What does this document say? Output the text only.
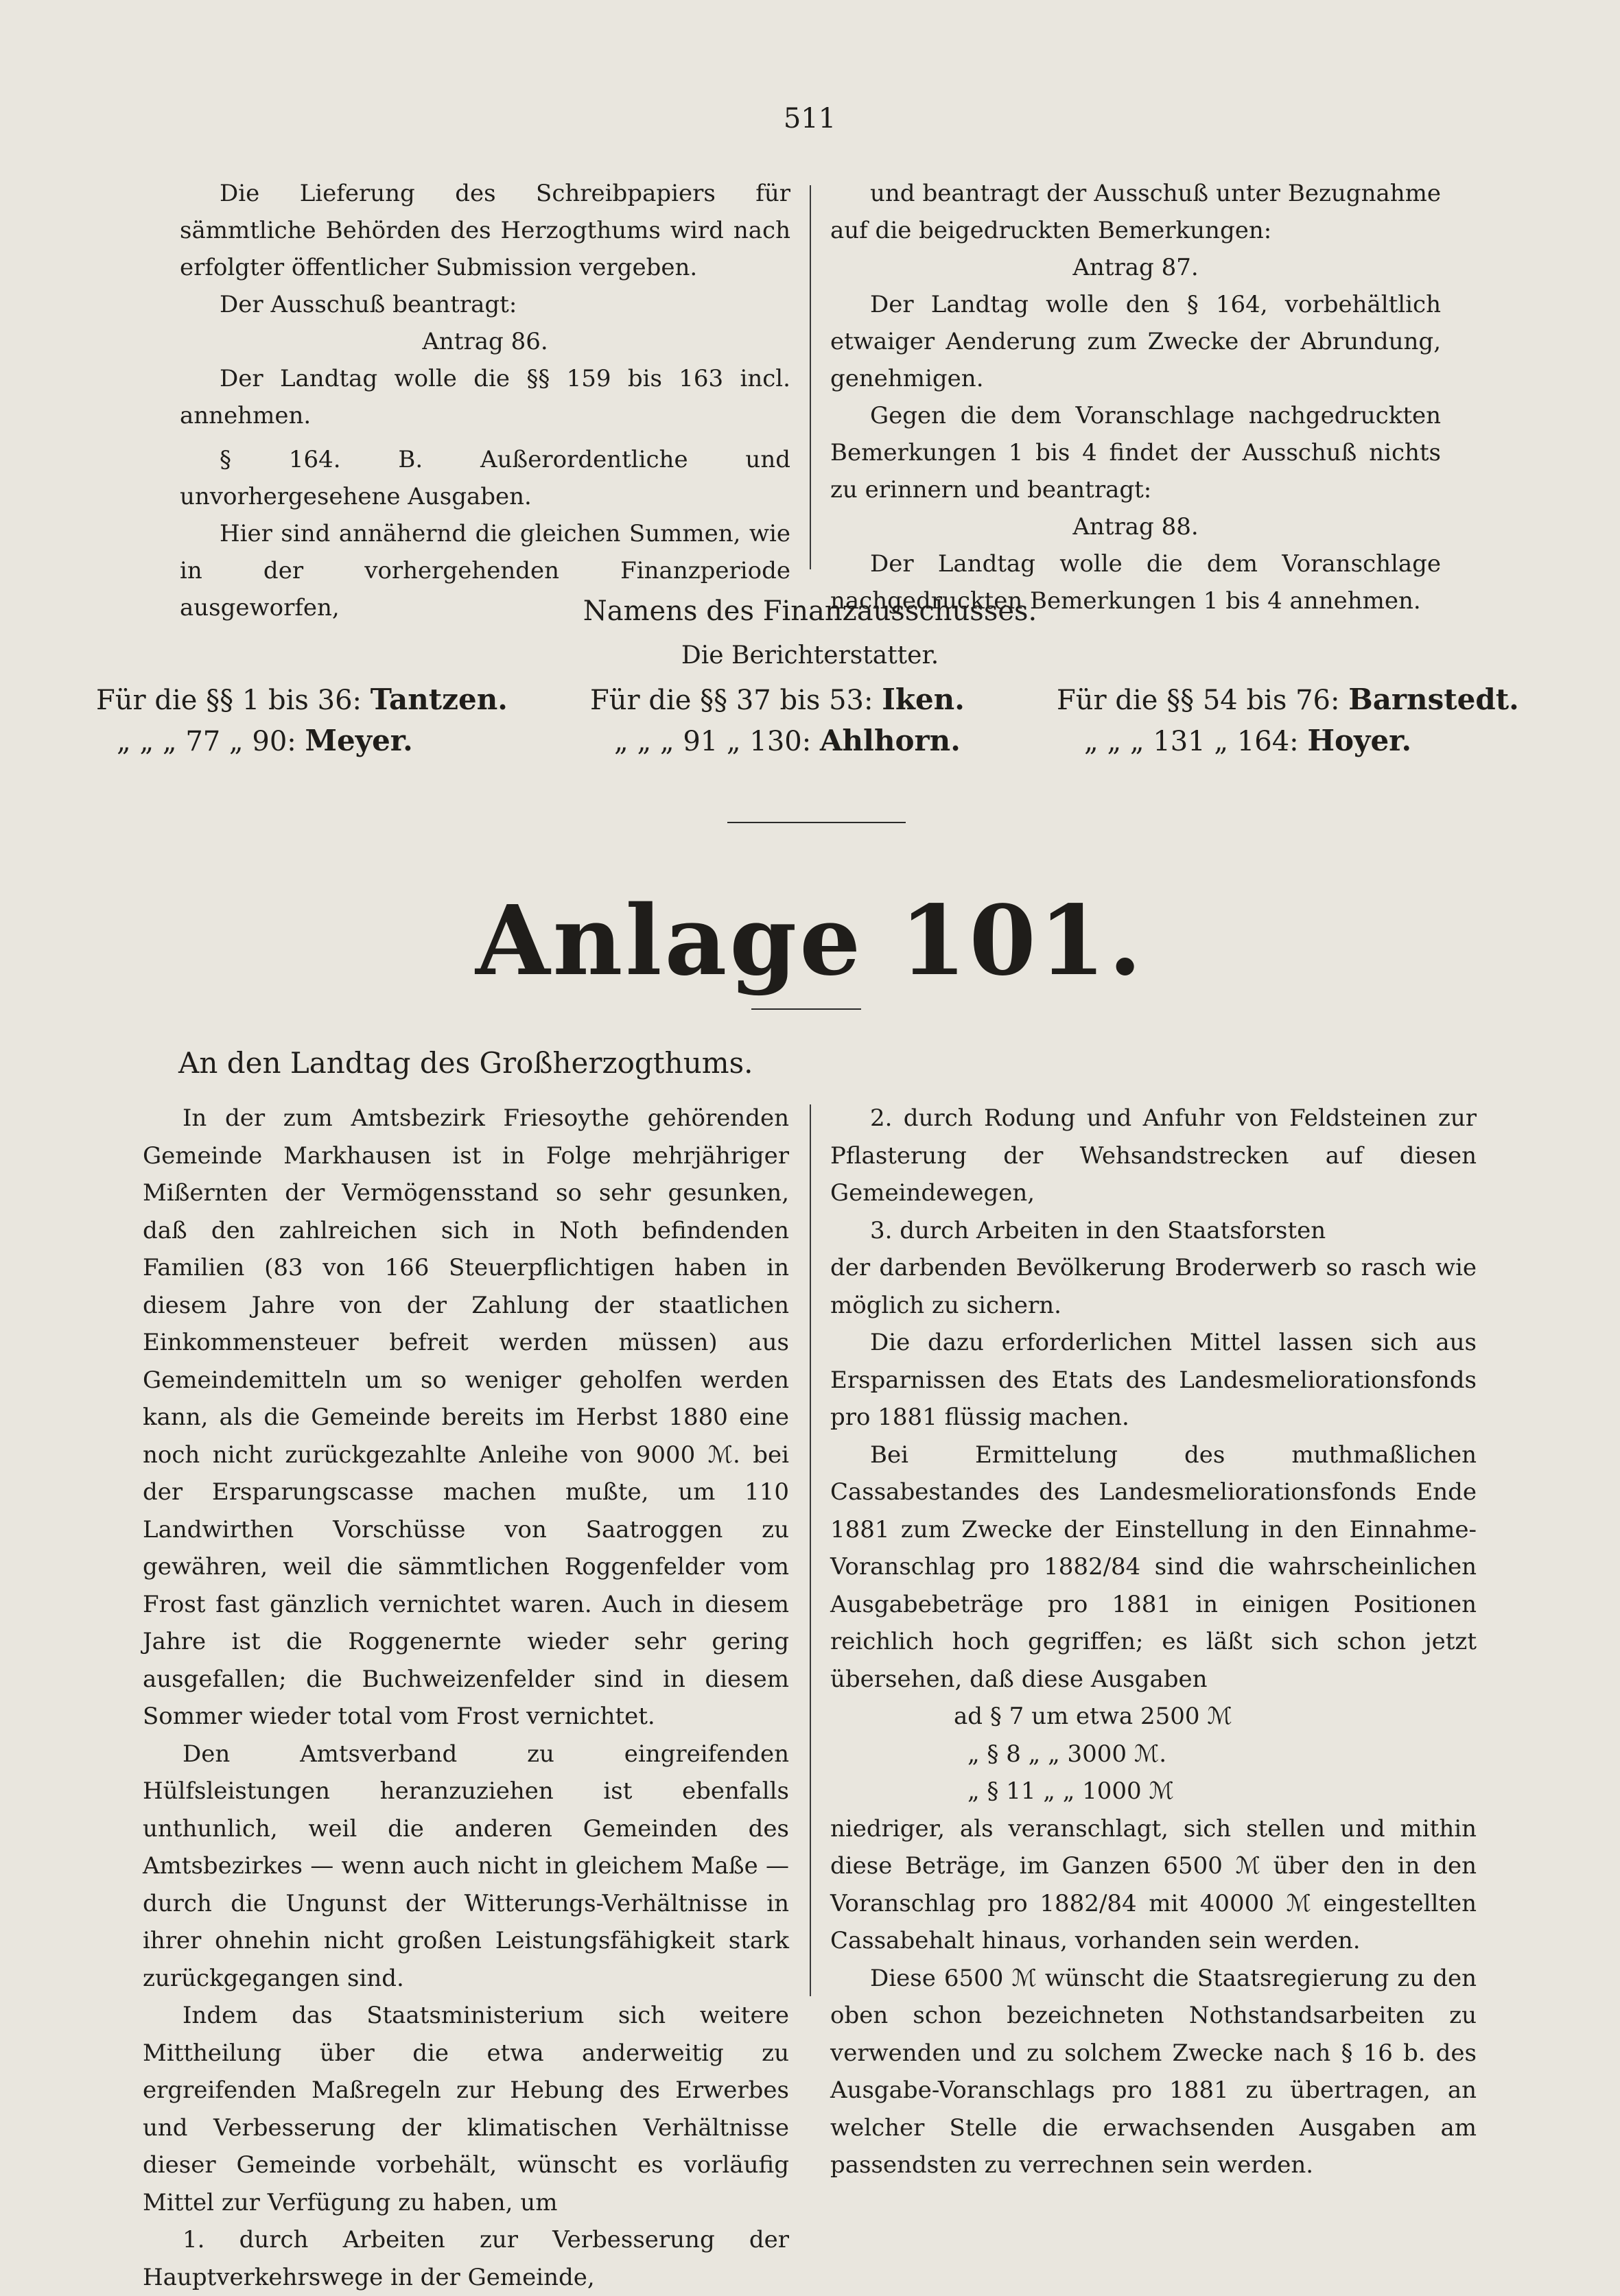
511

Die Lieferung des Schreibpapiers für sämmtliche Behörden des Herzogthums wird nach erfolgter öffentlicher Submission vergeben.

Der Ausschuß beantragt:

Antrag 86.

Der Landtag wolle die §§ 159 bis 163 incl. annehmen.

§ 164. B. Außerordentliche und unvorhergesehene Ausgaben.

Hier sind annähernd die gleichen Summen, wie in der vorhergehenden Finanzperiode ausgeworfen,

und beantragt der Ausschuß unter Bezugnahme auf die beigedruckten Bemerkungen:

Antrag 87.

Der Landtag wolle den § 164, vorbehältlich etwaiger Aenderung zum Zwecke der Abrundung, genehmigen.

Gegen die dem Voranschlage nachgedruckten Bemerkungen 1 bis 4 findet der Ausschuß nichts zu erinnern und beantragt:

Antrag 88.

Der Landtag wolle die dem Voranschlage nachgedruckten Bemerkungen 1 bis 4 annehmen.

Namens des Finanzausschusses.
Die Berichterstatter.
Für die §§ 1 bis 36: Tantzen.	Für die §§ 37 bis 53: Iken.	Für die §§ 54 bis 76: Barnstedt.
„ „ „ 77 „ 90: Meyer.	„ „ „ 91 „ 130: Ahlhorn.	„ „ „ 131 „ 164: Hoyer.
Anlage 101.
An den Landtag des Großherzogthums.

In der zum Amtsbezirk Friesoythe gehörenden Gemeinde Markhausen ist in Folge mehrjähriger Mißernten der Vermögensstand so sehr gesunken, daß den zahlreichen sich in Noth befindenden Familien (83 von 166 Steuerpflichtigen haben in diesem Jahre von der Zahlung der staatlichen Einkommensteuer befreit werden müssen) aus Gemeindemitteln um so weniger geholfen werden kann, als die Gemeinde bereits im Herbst 1880 eine noch nicht zurückgezahlte Anleihe von 9000 ℳ. bei der Ersparungscasse machen mußte, um 110 Landwirthen Vorschüsse von Saatroggen zu gewähren, weil die sämmtlichen Roggenfelder vom Frost fast gänzlich vernichtet waren. Auch in diesem Jahre ist die Roggenernte wieder sehr gering ausgefallen; die Buchweizenfelder sind in diesem Sommer wieder total vom Frost vernichtet.

Den Amtsverband zu eingreifenden Hülfsleistungen heranzuziehen ist ebenfalls unthunlich, weil die anderen Gemeinden des Amtsbezirkes — wenn auch nicht in gleichem Maße — durch die Ungunst der Witterungs-Verhältnisse in ihrer ohnehin nicht großen Leistungsfähigkeit stark zurückgegangen sind.

Indem das Staatsministerium sich weitere Mittheilung über die etwa anderweitig zu ergreifenden Maßregeln zur Hebung des Erwerbes und Verbesserung der klimatischen Verhältnisse dieser Gemeinde vorbehält, wünscht es vorläufig Mittel zur Verfügung zu haben, um

1. durch Arbeiten zur Verbesserung der Hauptverkehrswege in der Gemeinde,

2. durch Rodung und Anfuhr von Feldsteinen zur Pflasterung der Wehsandstrecken auf diesen Gemeindewegen,

3. durch Arbeiten in den Staatsforsten

der darbenden Bevölkerung Broderwerb so rasch wie möglich zu sichern.

Die dazu erforderlichen Mittel lassen sich aus Ersparnissen des Etats des Landesmeliorationsfonds pro 1881 flüssig machen.

Bei Ermittelung des muthmaßlichen Cassabestandes des Landesmeliorationsfonds Ende 1881 zum Zwecke der Einstellung in den Einnahme-Voranschlag pro 1882/84 sind die wahrscheinlichen Ausgabebeträge pro 1881 in einigen Positionen reichlich hoch gegriffen; es läßt sich schon jetzt übersehen, daß diese Ausgaben

ad § 7 um etwa 2500 ℳ

„ § 8 „ „ 3000 ℳ.

„ § 11 „ „ 1000 ℳ

niedriger, als veranschlagt, sich stellen und mithin diese Beträge, im Ganzen 6500 ℳ über den in den Voranschlag pro 1882/84 mit 40000 ℳ eingestellten Cassabehalt hinaus, vorhanden sein werden.

Diese 6500 ℳ wünscht die Staatsregierung zu den oben schon bezeichneten Nothstandsarbeiten zu verwenden und zu solchem Zwecke nach § 16 b. des Ausgabe-Voranschlags pro 1881 zu übertragen, an welcher Stelle die erwachsenden Ausgaben am passendsten zu verrechnen sein werden.
